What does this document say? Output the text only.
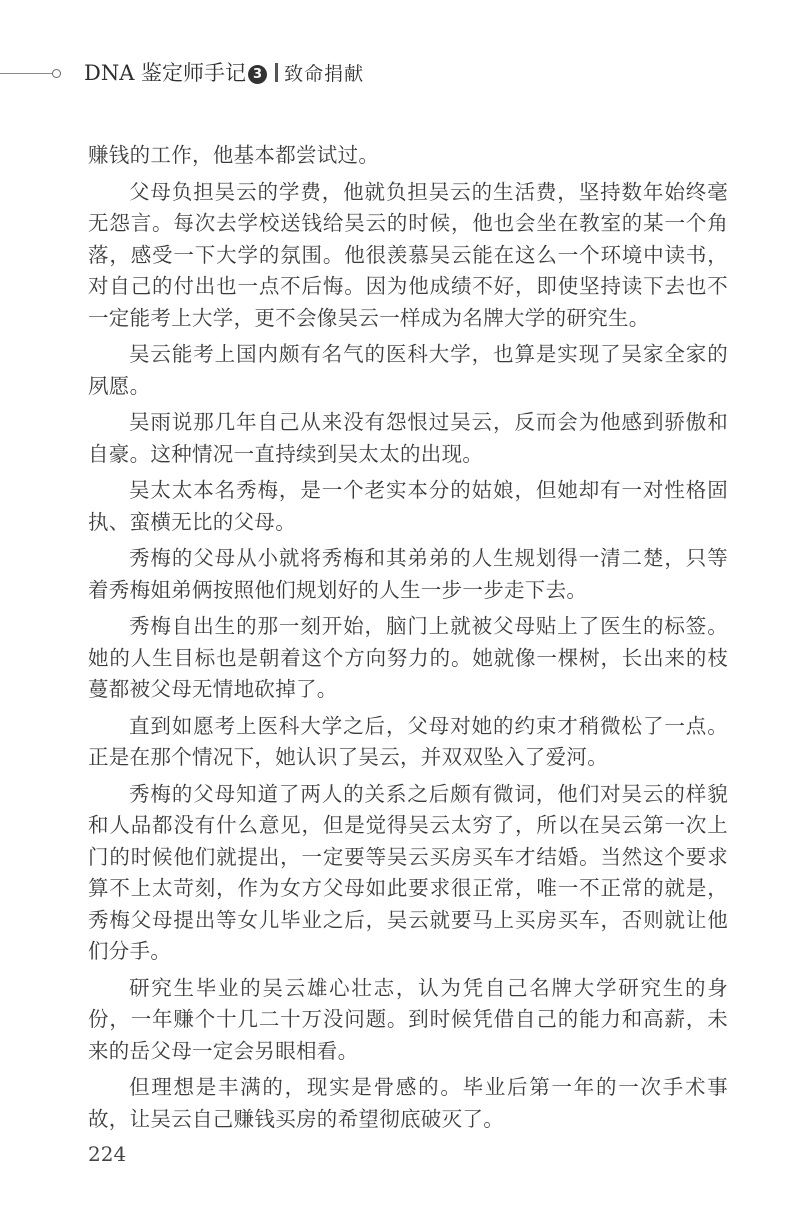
DNA 鉴定师手记 3 致命捐献

赚钱的工作，他基本都尝试过。

父母负担吴云的学费，他就负担吴云的生活费，坚持数年始终毫无怨言。每次去学校送钱给吴云的时候，他也会坐在教室的某一个角落，感受一下大学的氛围。他很羡慕吴云能在这么一个环境中读书，对自己的付出也一点不后悔。因为他成绩不好，即使坚持读下去也不一定能考上大学，更不会像吴云一样成为名牌大学的研究生。

吴云能考上国内颇有名气的医科大学，也算是实现了吴家全家的夙愿。

吴雨说那几年自己从来没有怨恨过吴云，反而会为他感到骄傲和自豪。这种情况一直持续到吴太太的出现。

吴太太本名秀梅，是一个老实本分的姑娘，但她却有一对性格固执、蛮横无比的父母。

秀梅的父母从小就将秀梅和其弟弟的人生规划得一清二楚，只等着秀梅姐弟俩按照他们规划好的人生一步一步走下去。

秀梅自出生的那一刻开始，脑门上就被父母贴上了医生的标签。她的人生目标也是朝着这个方向努力的。她就像一棵树，长出来的枝蔓都被父母无情地砍掉了。

直到如愿考上医科大学之后，父母对她的约束才稍微松了一点。正是在那个情况下，她认识了吴云，并双双坠入了爱河。

秀梅的父母知道了两人的关系之后颇有微词，他们对吴云的样貌和人品都没有什么意见，但是觉得吴云太穷了，所以在吴云第一次上门的时候他们就提出，一定要等吴云买房买车才结婚。当然这个要求算不上太苛刻，作为女方父母如此要求很正常，唯一不正常的就是，秀梅父母提出等女儿毕业之后，吴云就要马上买房买车，否则就让他们分手。

研究生毕业的吴云雄心壮志，认为凭自己名牌大学研究生的身份，一年赚个十几二十万没问题。到时候凭借自己的能力和高薪，未来的岳父母一定会另眼相看。

但理想是丰满的，现实是骨感的。毕业后第一年的一次手术事故，让吴云自己赚钱买房的希望彻底破灭了。

224
